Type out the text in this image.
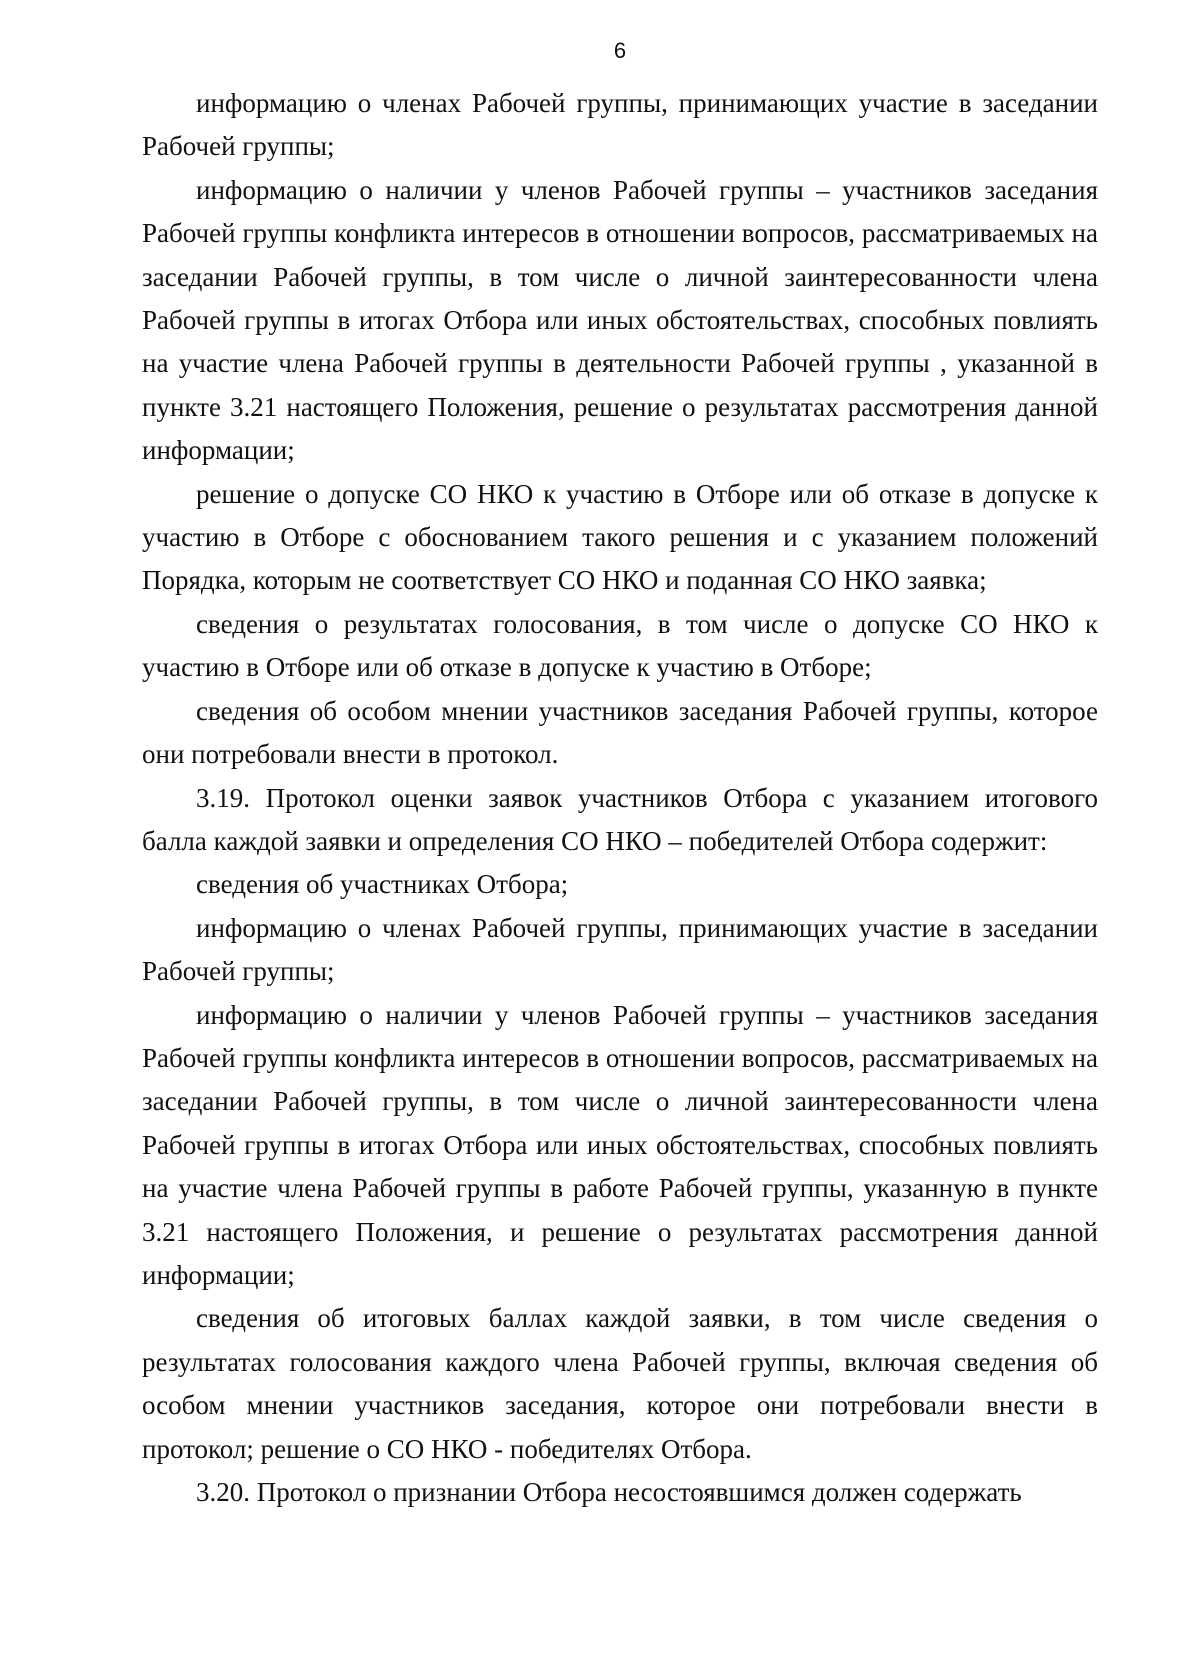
6

информацию о членах Рабочей группы, принимающих участие в заседании Рабочей группы;

информацию о наличии у членов Рабочей группы – участников заседания Рабочей группы конфликта интересов в отношении вопросов, рассматриваемых на заседании Рабочей группы, в том числе о личной заинтересованности члена Рабочей группы в итогах Отбора или иных обстоятельствах, способных повлиять на участие члена Рабочей группы в деятельности Рабочей группы , указанной в пункте 3.21 настоящего Положения, решение о результатах рассмотрения данной информации;

решение о допуске СО НКО к участию в Отборе или об отказе в допуске к участию в Отборе с обоснованием такого решения и с указанием положений Порядка, которым не соответствует СО НКО и поданная СО НКО заявка;

сведения о результатах голосования, в том числе о допуске СО НКО к участию в Отборе или об отказе в допуске к участию в Отборе;

сведения об особом мнении участников заседания Рабочей группы, которое они потребовали внести в протокол.

3.19. Протокол оценки заявок участников Отбора с указанием итогового балла каждой заявки и определения СО НКО – победителей Отбора содержит:

сведения об участниках Отбора;

информацию о членах Рабочей группы, принимающих участие в заседании Рабочей группы;

информацию о наличии у членов Рабочей группы – участников заседания Рабочей группы конфликта интересов в отношении вопросов, рассматриваемых на заседании Рабочей группы, в том числе о личной заинтересованности члена Рабочей группы в итогах Отбора или иных обстоятельствах, способных повлиять на участие члена Рабочей группы в работе Рабочей группы, указанную в пункте 3.21 настоящего Положения, и решение о результатах рассмотрения данной информации;

сведения об итоговых баллах каждой заявки, в том числе сведения о результатах голосования каждого члена Рабочей группы, включая сведения об особом мнении участников заседания, которое они потребовали внести в протокол; решение о СО НКО - победителях Отбора.

3.20. Протокол о признании Отбора несостоявшимся должен содержать
